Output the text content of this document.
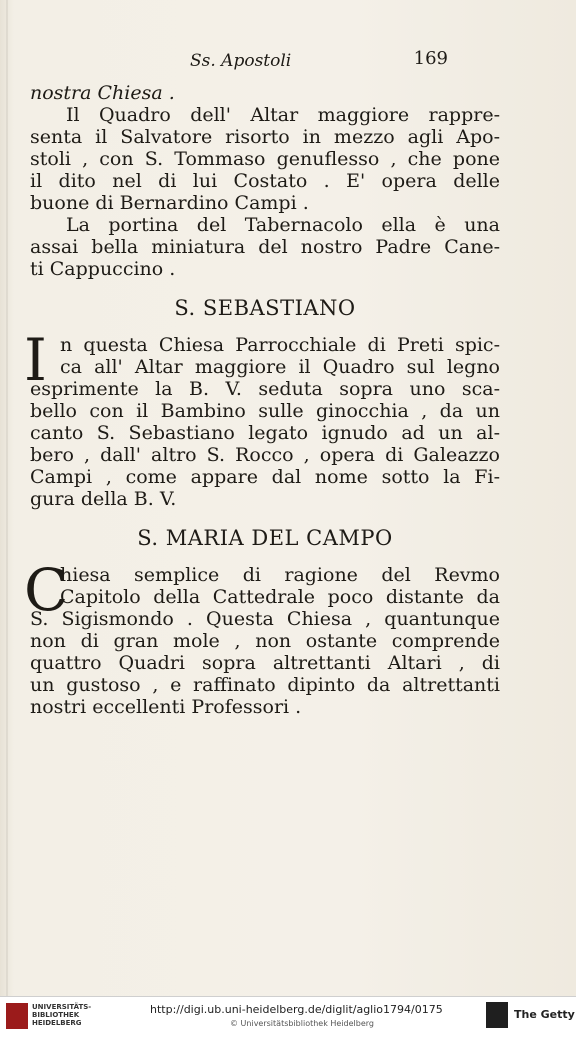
Ss. Apostoli	169
nostra Chiesa .
Il Quadro dell' Altar maggiore rappre-
senta il Salvatore risorto in mezzo agli Apo-
stoli , con S. Tommaso genuflesso , che pone
il dito nel di lui Costato . E' opera delle
buone di Bernardino Campi .
La portina del Tabernacolo ella è una
assai bella miniatura del nostro Padre Cane-
ti Cappuccino .
S. SEBASTIANO
I n questa Chiesa Parrocchiale di Preti spic-
ca all' Altar maggiore il Quadro sul legno
esprimente la B. V. seduta sopra uno sca-
bello con il Bambino sulle ginocchia , da un
canto S. Sebastiano legato ignudo ad un al-
bero , dall' altro S. Rocco , opera di Galeazzo
Campi , come appare dal nome sotto la Fi-
gura della B. V.
S. MARIA DEL CAMPO
C
hiesa semplice di ragione del Revmo
Capitolo della Cattedrale poco distante da
S. Sigismondo . Questa Chiesa , quantunque
non di gran mole , non ostante comprende
quattro Quadri sopra altrettanti Altari , di
un gustoso , e raffinato dipinto da altrettanti
nostri eccellenti Professori .
UNIVERSITÄTS-
BIBLIOTHEK
HEIDELBERG
http://digi.ub.uni-heidelberg.de/diglit/aglio1794/0175
© Universitätsbibliothek Heidelberg
The Getty
